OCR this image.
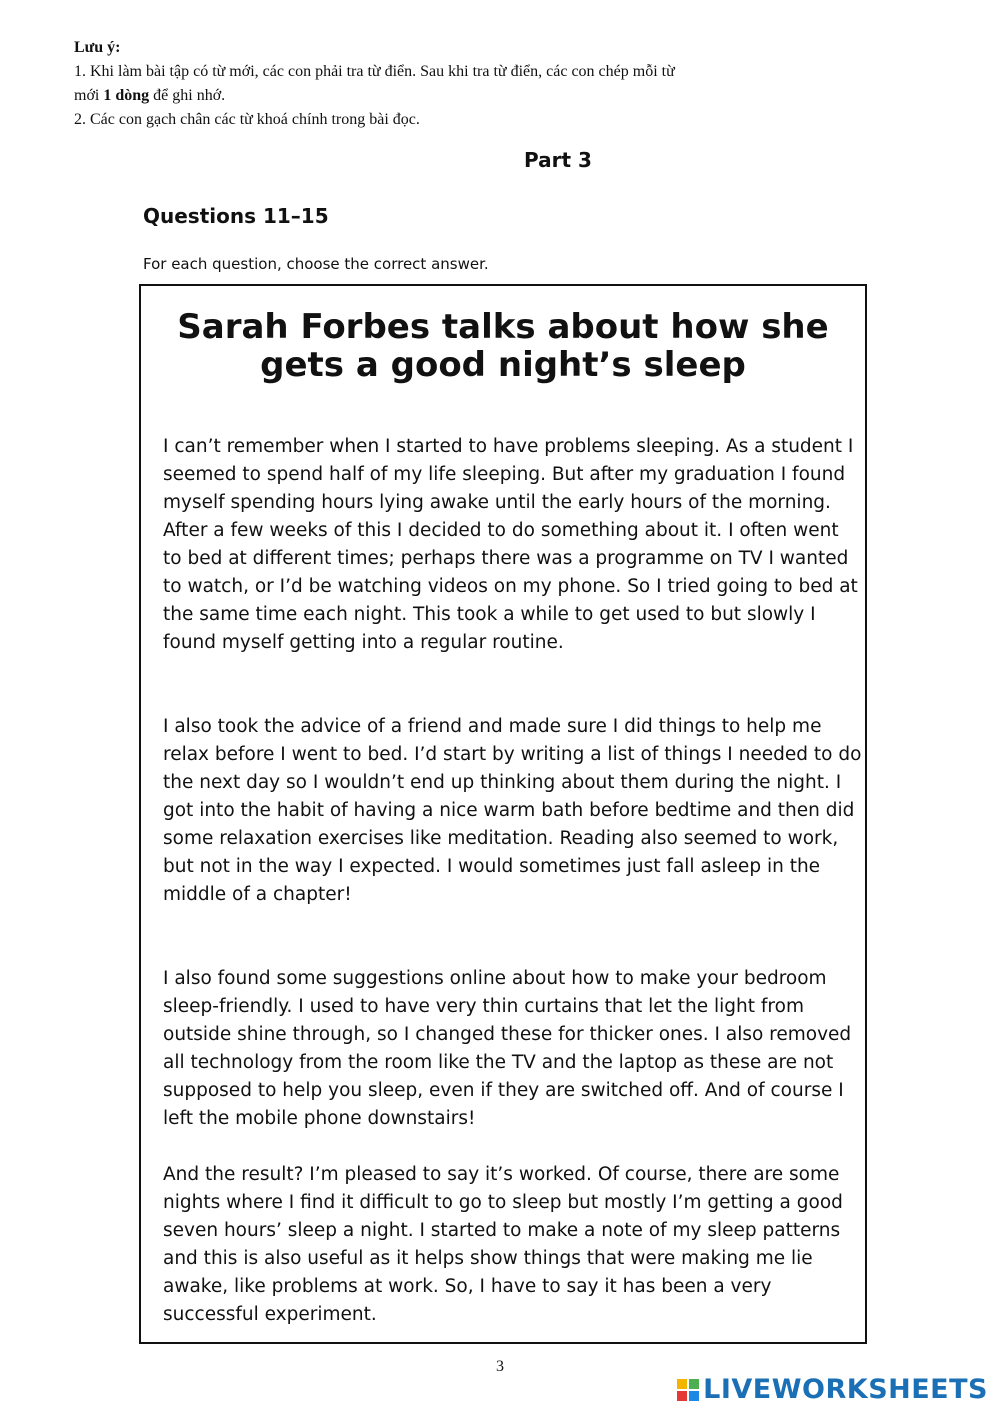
Lưu ý:
1. Khi làm bài tập có từ mới, các con phải tra từ điển. Sau khi tra từ điển, các con chép mỗi từ
mới 1 dòng để ghi nhớ.
2. Các con gạch chân các từ khoá chính trong bài đọc.
Part 3
Questions 11–15
For each question, choose the correct answer.
Sarah Forbes talks about how she
gets a good night’s sleep

I can’t remember when I started to have problems sleeping. As a student I seemed to spend half of my life sleeping. But after my graduation I found myself spending hours lying awake until the early hours of the morning. After a few weeks of this I decided to do something about it. I often went to bed at different times; perhaps there was a programme on TV I wanted to watch, or I’d be watching videos on my phone. So I tried going to bed at the same time each night. This took a while to get used to but slowly I found myself getting into a regular routine.

I also took the advice of a friend and made sure I did things to help me relax before I went to bed. I’d start by writing a list of things I needed to do the next day so I wouldn’t end up thinking about them during the night. I got into the habit of having a nice warm bath before bedtime and then did some relaxation exercises like meditation. Reading also seemed to work, but not in the way I expected. I would sometimes just fall asleep in the middle of a chapter!

I also found some suggestions online about how to make your bedroom sleep-friendly. I used to have very thin curtains that let the light from outside shine through, so I changed these for thicker ones. I also removed all technology from the room like the TV and the laptop as these are not supposed to help you sleep, even if they are switched off. And of course I left the mobile phone downstairs!

And the result? I’m pleased to say it’s worked. Of course, there are some nights where I find it difficult to go to sleep but mostly I’m getting a good seven hours’ sleep a night. I started to make a note of my sleep patterns and this is also useful as it helps show things that were making me lie awake, like problems at work. So, I have to say it has been a very successful experiment.

3
LIVEWORKSHEETS
